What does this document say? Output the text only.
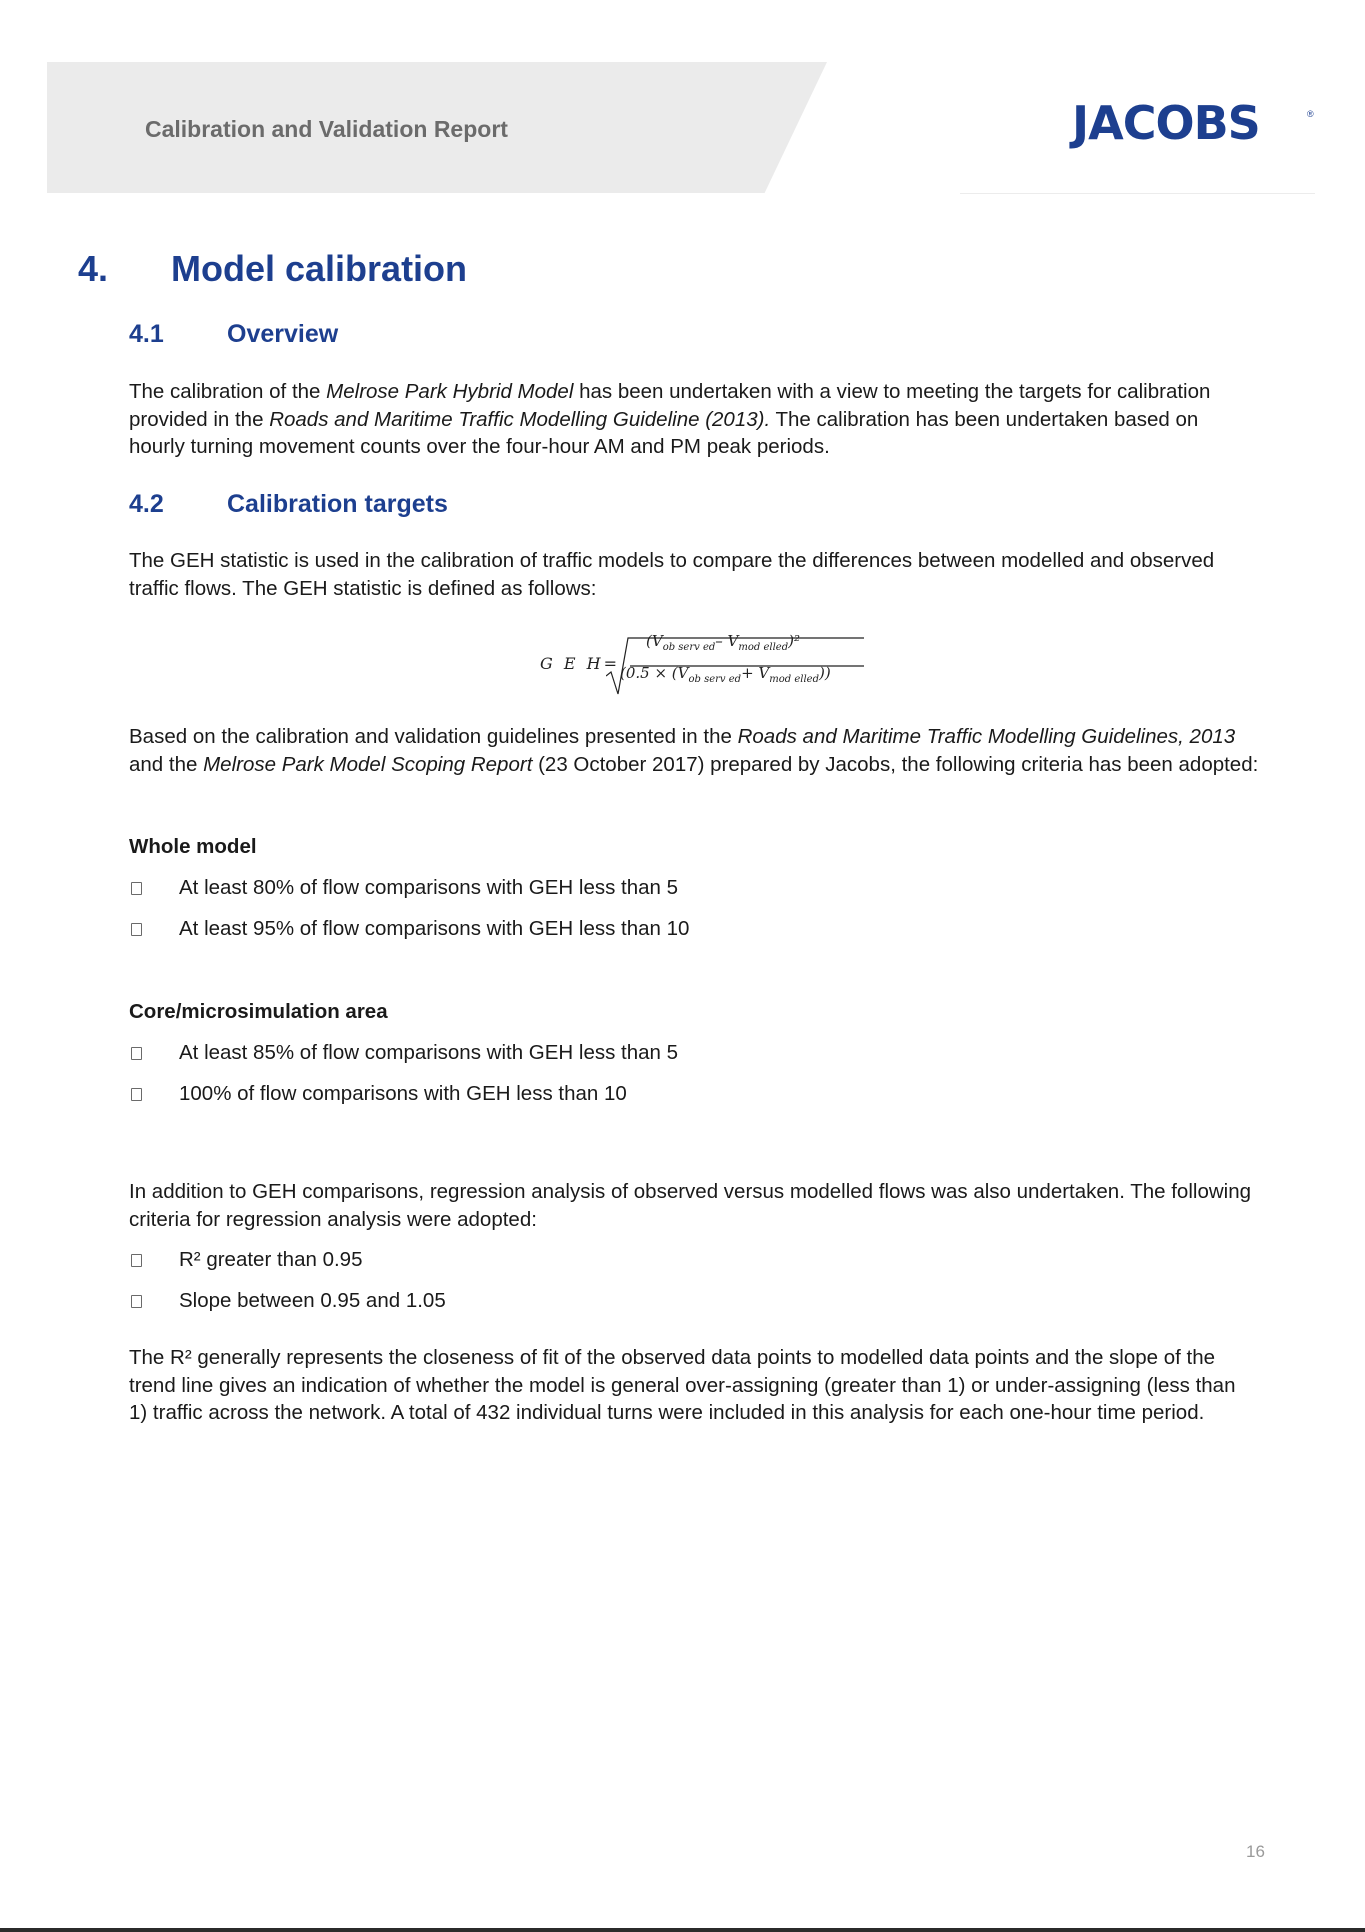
Calibration and Validation Report	JACOBS	®
4. Model calibration
4.1	Overview
The calibration of the Melrose Park Hybrid Model has been undertaken with a view to meeting the targets for calibration provided in the Roads and Maritime Traffic Modelling Guideline (2013). The calibration has been undertaken based on hourly turning movement counts over the four-hour AM and PM peak periods.
4.2	Calibration targets
The GEH statistic is used in the calibration of traffic models to compare the differences between modelled and observed traffic flows. The GEH statistic is defined as follows:
G E H=
($V_{ob serv ed}-$ $V_{mod elled})^2$
$(0.5 \times (V_{ob serv ed}+ V_{mod elled}))$
Based on the calibration and validation guidelines presented in the Roads and Maritime Traffic Modelling Guidelines, 2013 and the Melrose Park Model Scoping Report (23 October 2017) prepared by Jacobs, the following criteria has been adopted:
Whole model
At least 80% of flow comparisons with GEH less than 5
At least 95% of flow comparisons with GEH less than 10
Core/microsimulation area
At least 85% of flow comparisons with GEH less than 5
100% of flow comparisons with GEH less than 10
In addition to GEH comparisons, regression analysis of observed versus modelled flows was also undertaken. The following criteria for regression analysis were adopted:
R² greater than 0.95
Slope between 0.95 and 1.05
The R² generally represents the closeness of fit of the observed data points to modelled data points and the slope of the trend line gives an indication of whether the model is general over-assigning (greater than 1) or under-assigning (less than 1) traffic across the network. A total of 432 individual turns were included in this analysis for each one-hour time period.
16
